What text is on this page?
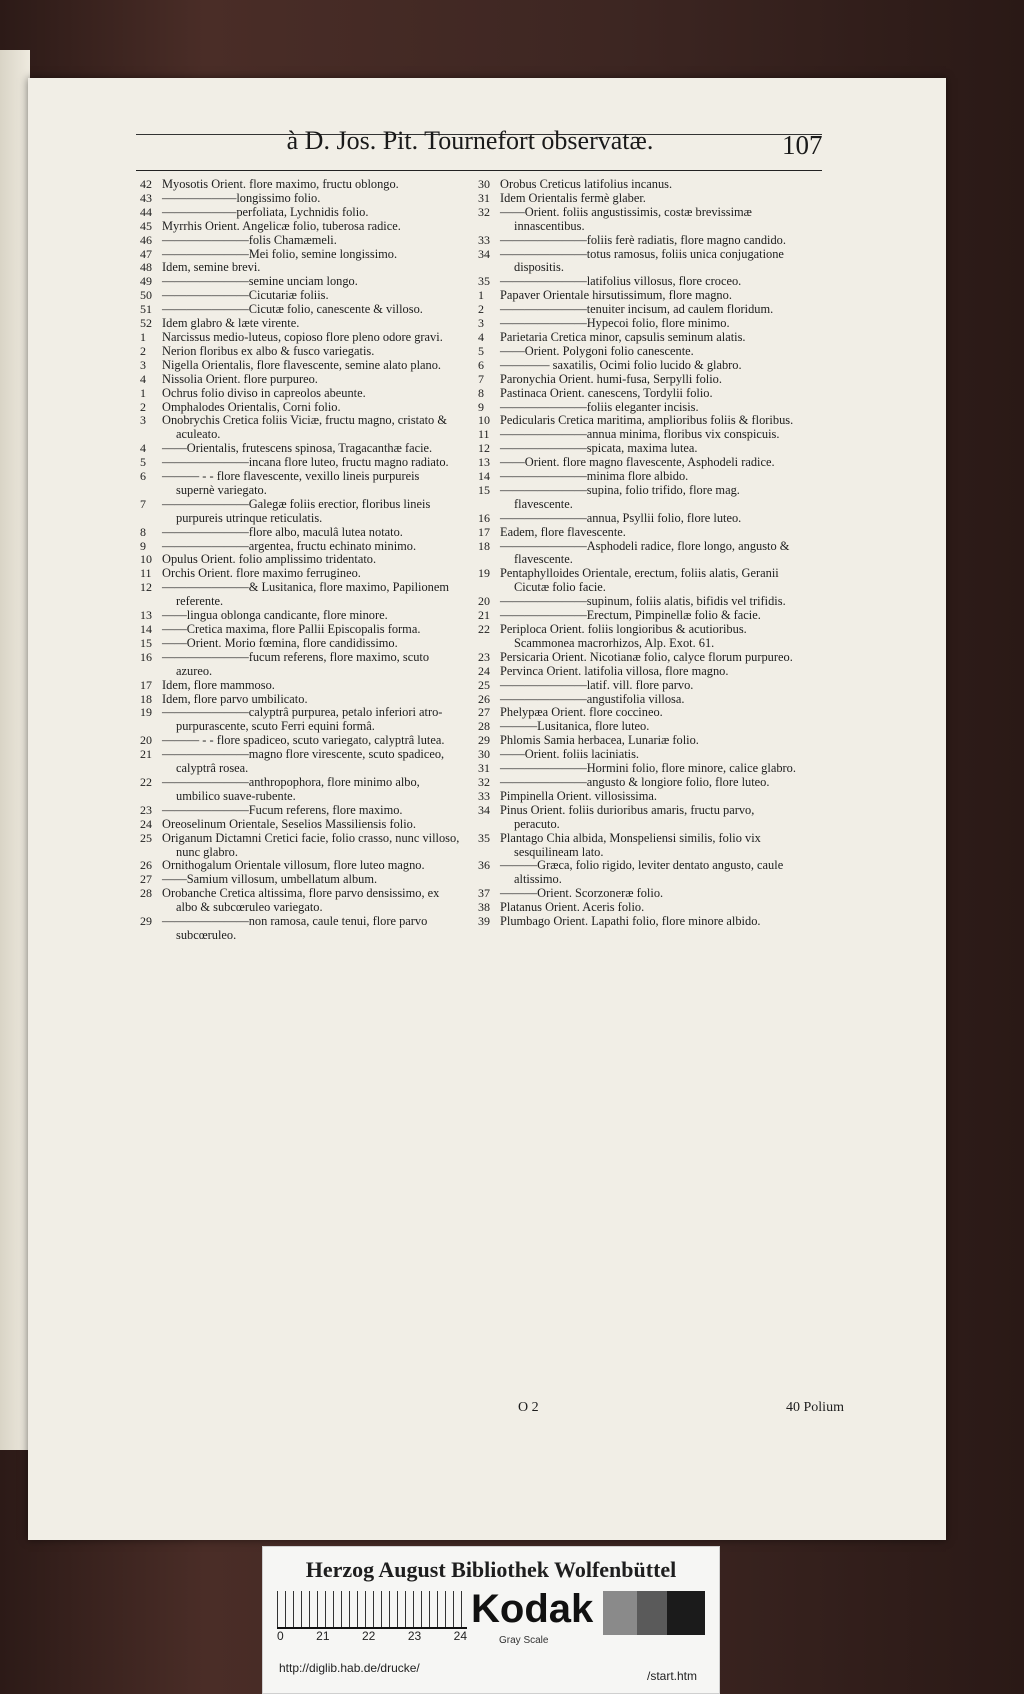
à D. Jos. Pit. Tournefort observatæ.	107
42 Myosotis Orient. flore maximo, fructu oblongo.
43 ——————longissimo folio.
44 ——————perfoliata, Lychnidis folio.
45 Myrrhis Orient. Angelicæ folio, tuberosa radice.
46 ———————folis Chamæmeli.
47 ———————Mei folio, semine longissimo.
48 Idem, semine brevi.
49 ———————semine unciam longo.
50 ———————Cicutariæ foliis.
51 ———————Cicutæ folio, canescente & villoso.
52 Idem glabro & læte virente.
1	Narcissus medio-luteus, copioso flore pleno odore gravi.
2	Nerion floribus ex albo & fusco variegatis.
3	Nigella Orientalis, flore flavescente, semine alato plano.
4	Nissolia Orient. flore purpureo.
1	Ochrus folio diviso in capreolos abeunte.
2	Omphalodes Orientalis, Corni folio.
3	Onobrychis Cretica foliis Viciæ, fructu magno, cristato & aculeato.
4	——Orientalis, frutescens spinosa, Tragacanthæ facie.
5	———————incana flore luteo, fructu magno radiato.
6	——— - - flore flavescente, vexillo lineis purpureis supernè variegato.
7	———————Galegæ foliis erectior, floribus lineis purpureis utrinque reticulatis.
8	———————flore albo, maculâ lutea notato.
9	———————argentea, fructu echinato minimo.
10 Opulus Orient. folio amplissimo tridentato.
11 Orchis Orient. flore maximo ferrugineo.
12 ———————& Lusitanica, flore maximo, Papilionem referente.
13 ——lingua oblonga candicante, flore minore.
14 ——Cretica maxima, flore Pallii Episcopalis forma.
15 ——Orient. Morio fœmina, flore candidissimo.
16 ———————fucum referens, flore maximo, scuto azureo.
17 Idem, flore mammoso.
18 Idem, flore parvo umbilicato.
19 ———————calyptrâ purpurea, petalo inferiori atro-purpurascente, scuto Ferri equini formâ.
20 ——— - - flore spadiceo, scuto variegato, calyptrâ lutea.
21 ———————magno flore virescente, scuto spadiceo, calyptrâ rosea.
22 ———————anthropophora, flore minimo albo, umbilico suave-rubente.
23 ———————Fucum referens, flore maximo.
24 Oreoselinum Orientale, Seselios Massiliensis folio.
25 Origanum Dictamni Cretici facie, folio crasso, nunc villoso, nunc glabro.
26 Ornithogalum Orientale villosum, flore luteo magno.
27 ——Samium villosum, umbellatum album.
28 Orobanche Cretica altissima, flore parvo densissimo, ex albo & subcœruleo variegato.
29 ———————non ramosa, caule tenui, flore parvo subcœruleo.
30 Orobus Creticus latifolius incanus.
31 Idem Orientalis fermè glaber.
32 ——Orient. foliis angustissimis, costæ brevissimæ innascentibus.
33 ———————foliis ferè radiatis, flore magno candido.
34 ———————totus ramosus, foliis unica conjugatione dispositis.
35 ———————latifolius villosus, flore croceo.
1	Papaver Orientale hirsutissimum, flore magno.
2	———————tenuiter incisum, ad caulem floridum.
3	———————Hypecoi folio, flore minimo.
4	Parietaria Cretica minor, capsulis seminum alatis.
5	——Orient. Polygoni folio canescente.
6	———— saxatilis, Ocimi folio lucido & glabro.
7	Paronychia Orient. humi-fusa, Serpylli folio.
8	Pastinaca Orient. canescens, Tordylii folio.
9	———————foliis eleganter incisis.
10 Pedicularis Cretica maritima, amplioribus foliis & floribus.
11 ———————annua minima, floribus vix conspicuis.
12 ———————spicata, maxima lutea.
13 ——Orient. flore magno flavescente, Asphodeli radice.
14 ———————minima flore albido.
15 ———————supina, folio trifido, flore mag. flavescente.
16 ———————annua, Psyllii folio, flore luteo.
17 Eadem, flore flavescente.
18 ———————Asphodeli radice, flore longo, angusto & flavescente.
19 Pentaphylloides Orientale, erectum, foliis alatis, Geranii Cicutæ folio facie.
20 ———————supinum, foliis alatis, bifidis vel trifidis.
21 ———————Erectum, Pimpinellæ folio & facie.
22 Periploca Orient. foliis longioribus & acutioribus. Scammonea macrorhizos, Alp. Exot. 61.
23 Persicaria Orient. Nicotianæ folio, calyce florum purpureo.
24 Pervinca Orient. latifolia villosa, flore magno.
25 ———————latif. vill. flore parvo.
26 ———————angustifolia villosa.
27 Phelypæa Orient. flore coccineo.
28 ———Lusitanica, flore luteo.
29 Phlomis Samia herbacea, Lunariæ folio.
30 ——Orient. foliis laciniatis.
31 ———————Hormini folio, flore minore, calice glabro.
32 ———————angusto & longiore folio, flore luteo.
33 Pimpinella Orient. villosissima.
34 Pinus Orient. foliis durioribus amaris, fructu parvo, peracuto.
35 Plantago Chia albida, Monspeliensi similis, folio vix sesquilineam lato.
36 ———Græca, folio rigido, leviter dentato angusto, caule altissimo.
37 ———Orient. Scorzoneræ folio.
38 Platanus Orient. Aceris folio.
39 Plumbago Orient. Lapathi folio, flore minore albido.
O 2	40 Polium
Herzog August Bibliothek Wolfenbüttel
0	21	22	23	24
Kodak
Gray Scale
http://diglib.hab.de/drucke/
/start.htm
